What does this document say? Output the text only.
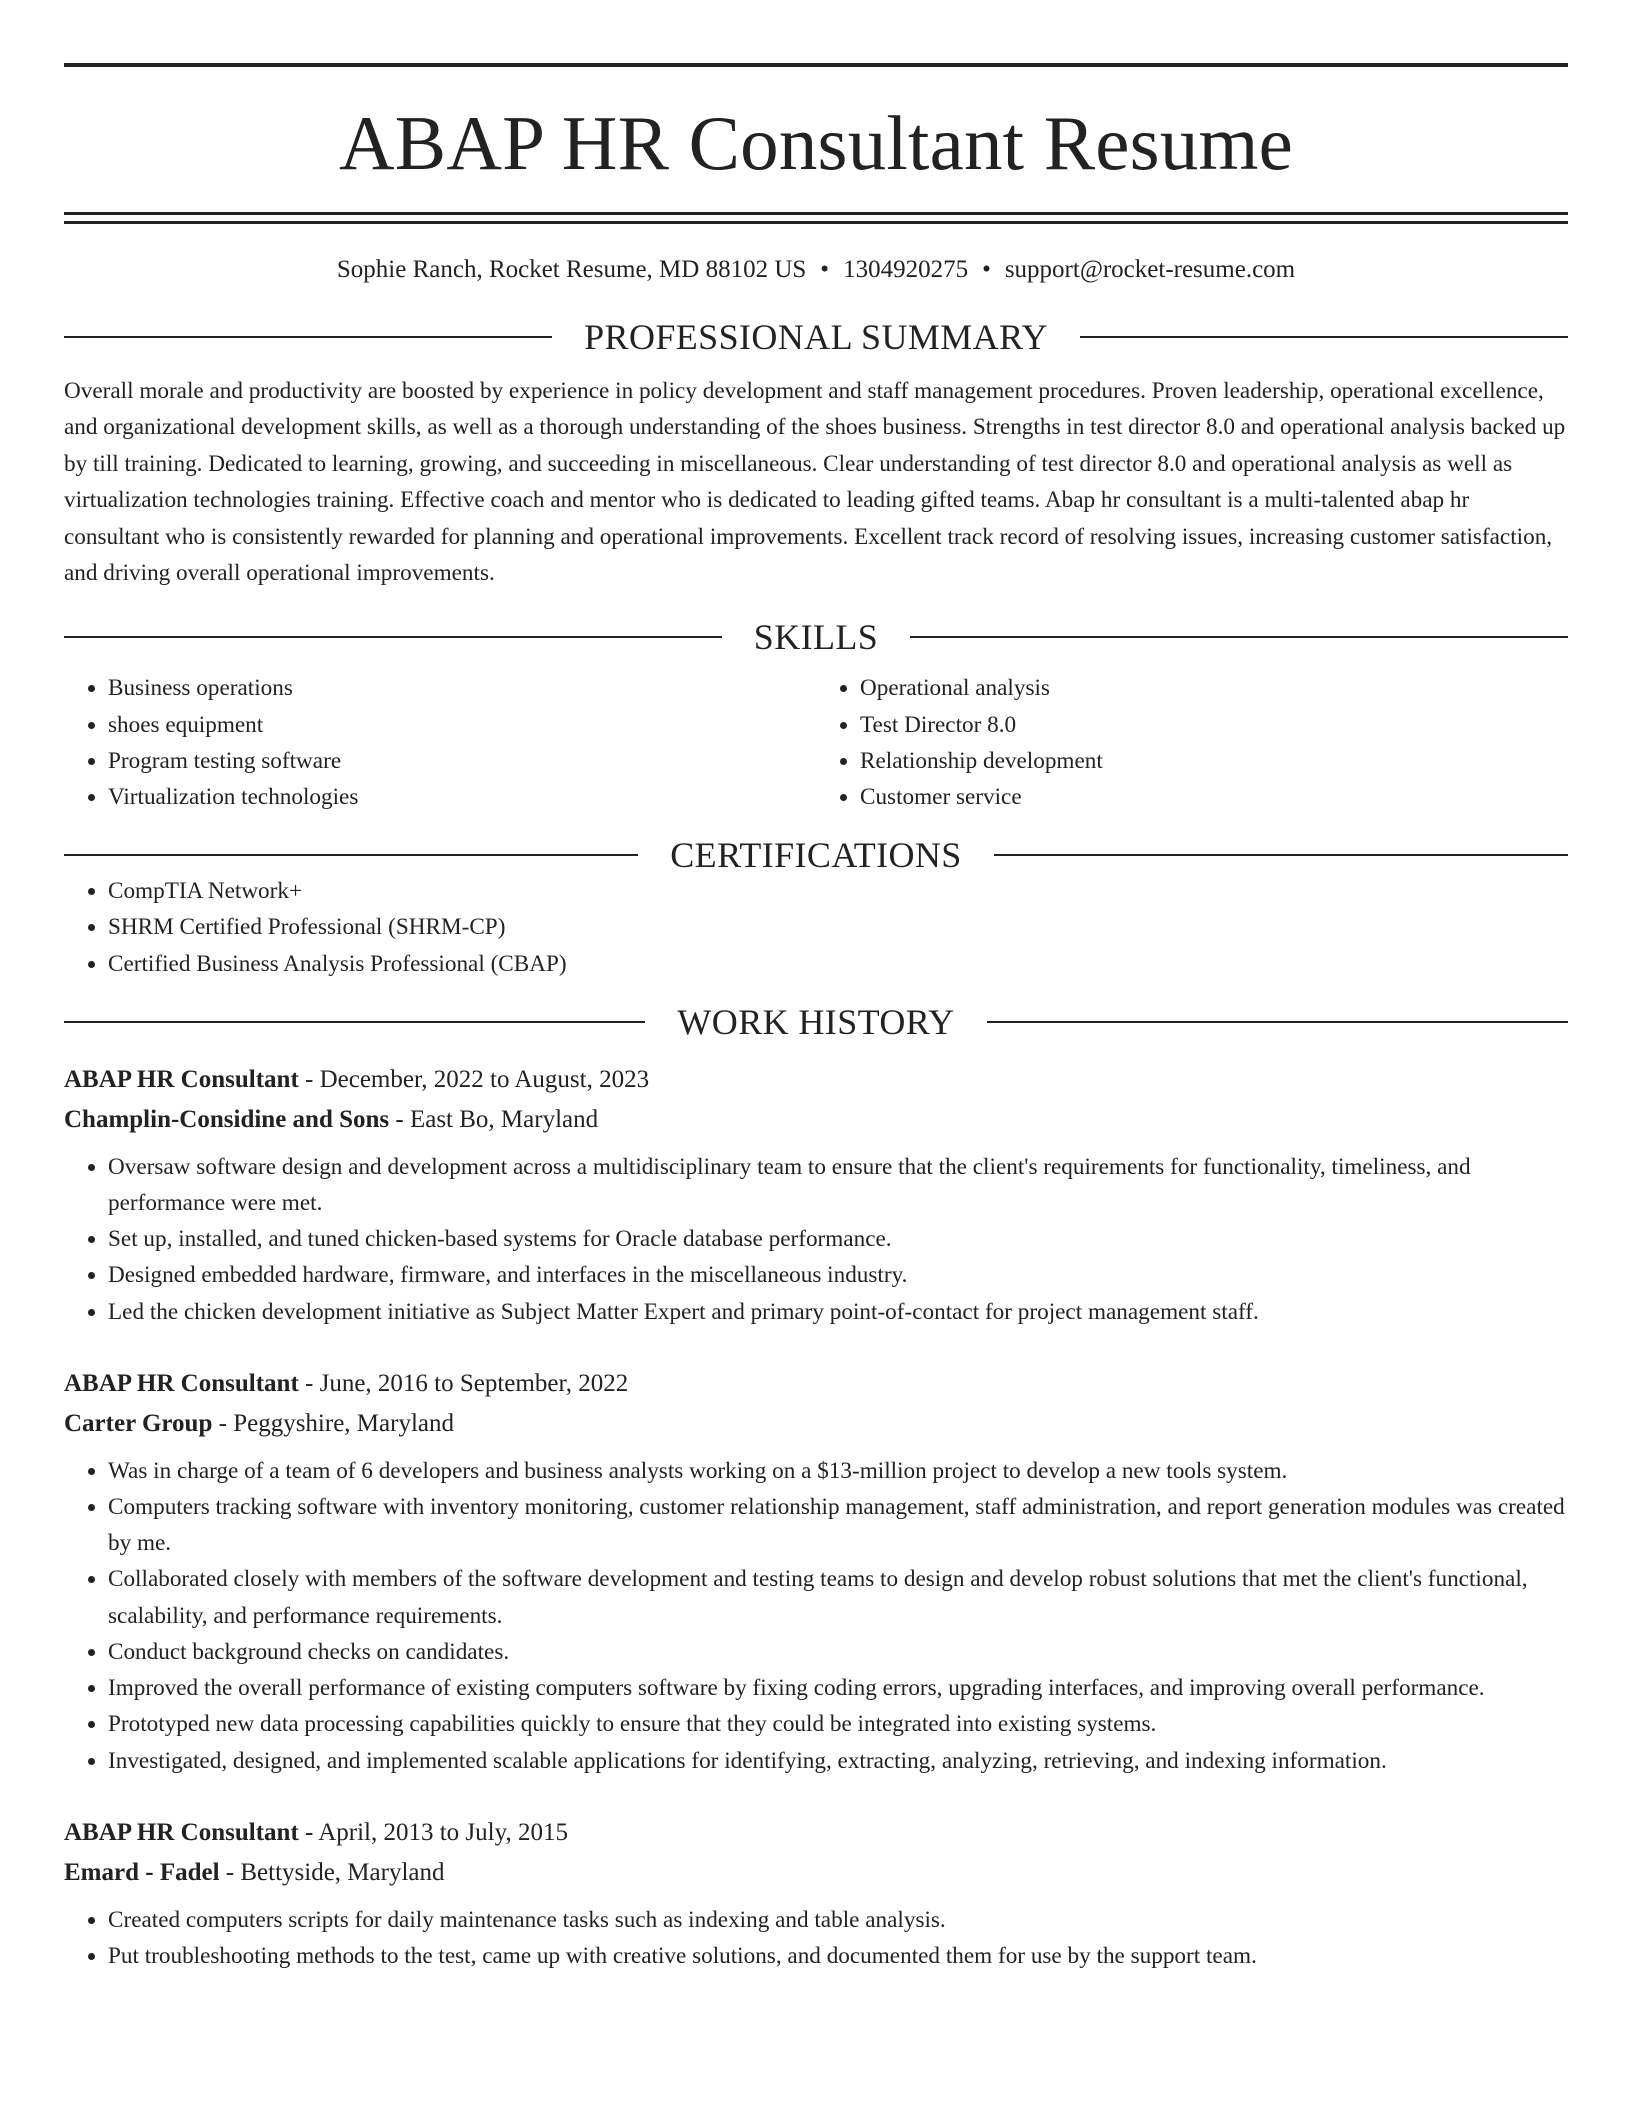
ABAP HR Consultant Resume
Sophie Ranch, Rocket Resume, MD 88102 US • 1304920275 • support@rocket-resume.com
PROFESSIONAL SUMMARY

Overall morale and productivity are boosted by experience in policy development and staff management procedures. Proven leadership, operational excellence, and organizational development skills, as well as a thorough understanding of the shoes business. Strengths in test director 8.0 and operational analysis backed up by till training. Dedicated to learning, growing, and succeeding in miscellaneous. Clear understanding of test director 8.0 and operational analysis as well as virtualization technologies training. Effective coach and mentor who is dedicated to leading gifted teams. Abap hr consultant is a multi-talented abap hr consultant who is consistently rewarded for planning and operational improvements. Excellent track record of resolving issues, increasing customer satisfaction, and driving overall operational improvements.

SKILLS
• Business operations
• shoes equipment
• Program testing software
• Virtualization technologies
• Operational analysis
• Test Director 8.0
• Relationship development
• Customer service
CERTIFICATIONS
• CompTIA Network+
• SHRM Certified Professional (SHRM-CP)
• Certified Business Analysis Professional (CBAP)
WORK HISTORY
ABAP HR Consultant - December, 2022 to August, 2023
Champlin-Considine and Sons - East Bo, Maryland
• Oversaw software design and development across a multidisciplinary team to ensure that the client's requirements for functionality, timeliness, and performance were met.
• Set up, installed, and tuned chicken-based systems for Oracle database performance.
• Designed embedded hardware, firmware, and interfaces in the miscellaneous industry.
• Led the chicken development initiative as Subject Matter Expert and primary point-of-contact for project management staff.
ABAP HR Consultant - June, 2016 to September, 2022
Carter Group - Peggyshire, Maryland
• Was in charge of a team of 6 developers and business analysts working on a $13-million project to develop a new tools system.
• Computers tracking software with inventory monitoring, customer relationship management, staff administration, and report generation modules was created by me.
• Collaborated closely with members of the software development and testing teams to design and develop robust solutions that met the client's functional, scalability, and performance requirements.
• Conduct background checks on candidates.
• Improved the overall performance of existing computers software by fixing coding errors, upgrading interfaces, and improving overall performance.
• Prototyped new data processing capabilities quickly to ensure that they could be integrated into existing systems.
• Investigated, designed, and implemented scalable applications for identifying, extracting, analyzing, retrieving, and indexing information.
ABAP HR Consultant - April, 2013 to July, 2015
Emard - Fadel - Bettyside, Maryland
• Created computers scripts for daily maintenance tasks such as indexing and table analysis.
• Put troubleshooting methods to the test, came up with creative solutions, and documented them for use by the support team.
